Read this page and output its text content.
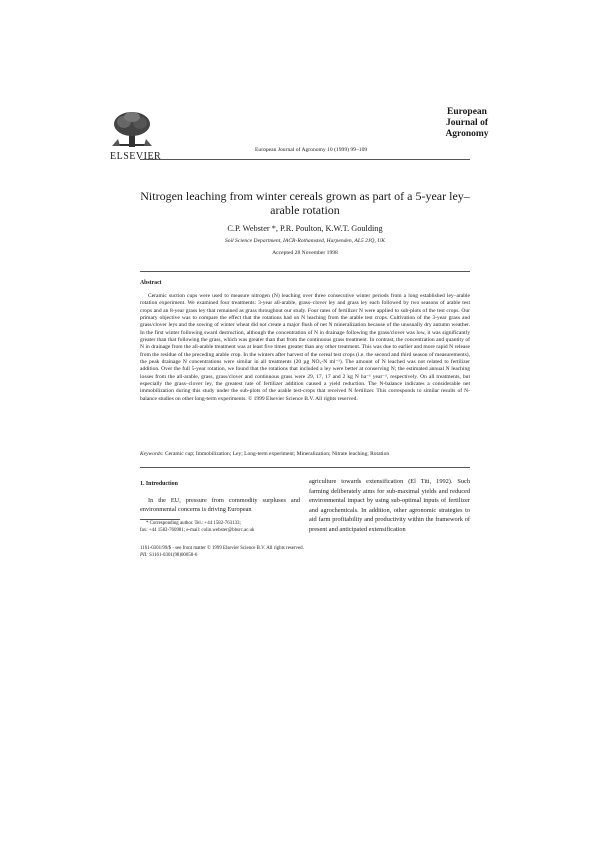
ELSEVIER
European Journal of Agronomy 10 (1999) 99–109
European
Journal of
Agronomy
Nitrogen leaching from winter cereals grown as part of a 5-year ley–arable rotation
C.P. Webster *, P.R. Poulton, K.W.T. Goulding
Soil Science Department, IACR-Rothamsted, Harpenden, AL5 2JQ, UK
Accepted 28 November 1998
Abstract
Ceramic suction cups were used to measure nitrogen (N) leaching over three consecutive winter periods from a long established ley–arable rotation experiment. We examined four treatments: 3-year all-arable, grass–clover ley and grass ley each followed by two seasons of arable test crops and an 8-year grass ley that remained as grass throughout our study. Four rates of fertilizer N were applied to sub-plots of the test crops. Our primary objective was to compare the effect that the rotations had on N leaching from the arable test crops. Cultivation of the 3-year grass and grass/clover leys and the sowing of winter wheat did not create a major flush of net N mineralization because of the unusually dry autumn weather. In the first winter following sward destruction, although the concentration of N in drainage following the grass/clover was low, it was significantly greater than that following the grass, which was greater than that from the continuous grass treatment. In contrast, the concentration and quantity of N in drainage from the all-arable treatment was at least five times greater than any other treatment. This was due to earlier and more rapid N release from the residue of the preceding arable crop. In the winters after harvest of the cereal test crops (i.e. the second and third season of measurements), the peak drainage N concentrations were similar in all treatments (20 µg NO₃-N ml⁻¹). The amount of N leached was not related to fertilizer addition. Over the full 5-year rotation, we found that the rotations that included a ley were better at conserving N; the estimated annual N leaching losses from the all-arable, grass, grass/clover and continuous grass were 29, 17, 17 and 2 kg N ha⁻¹ year⁻¹, respectively. On all treatments, but especially the grass–clover ley, the greatest rate of fertilizer addition caused a yield reduction. The N-balance indicates a considerable net immobilization during this study under the sub-plots of the arable test-crops that received N fertilizer. This corresponds to similar results of N-balance studies on other long-term experiments. © 1999 Elsevier Science B.V. All rights reserved.
Keywords: Ceramic cup; Immobilization; Ley; Long-term experiment; Mineralization; Nitrate leaching; Rotation
1. Introduction
In the EU, pressure from commodity surpluses and environmental concerns is driving European
* Corresponding author. Tel.: +44 1582-763133;
fax: +44 1582-760981; e-mail: colin.webster@bbsrc.ac.uk
agriculture towards extensification (El Titi, 1992). Such farming deliberately aims for sub-maximal yields and reduced environmental impact by using sub-optimal inputs of fertilizer and agrochemicals. In addition, other agronomic strategies to aid farm profitability and productivity within the framework of present and anticipated extensification
1161-0301/99/$ - see front matter © 1999 Elsevier Science B.V. All rights reserved.
PII: S1161-0301(98)00058-6
